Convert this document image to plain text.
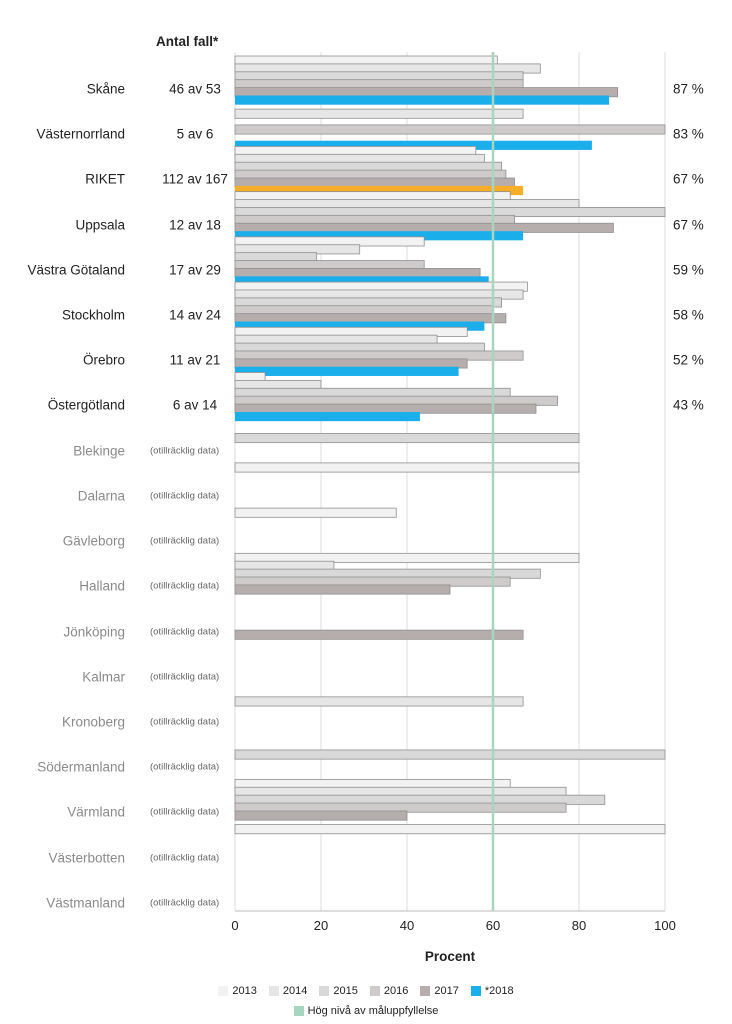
0	20	40	60	80	100
Antal fall*
Skåne	46 av 53	87 %
Västernorrland	5 av 6	83 %
RIKET	112 av 167	67 %
Uppsala	12 av 18	67 %
Västra Götaland	17 av 29	59 %
Stockholm	14 av 24	58 %
Örebro	11 av 21	52 %
Östergötland	6 av 14	43 %
Blekinge	(otillräcklig data)
Dalarna	(otillräcklig data)
Gävleborg	(otillräcklig data)
Halland	(otillräcklig data)
Jönköping	(otillräcklig data)
Kalmar	(otillräcklig data)
Kronoberg	(otillräcklig data)
Södermanland	(otillräcklig data)
Värmland	(otillräcklig data)
Västerbotten	(otillräcklig data)
Västmanland	(otillräcklig data)
Procent
2013 2014 2015 2016 2017 *2018
Hög nivå av måluppfyllelse
